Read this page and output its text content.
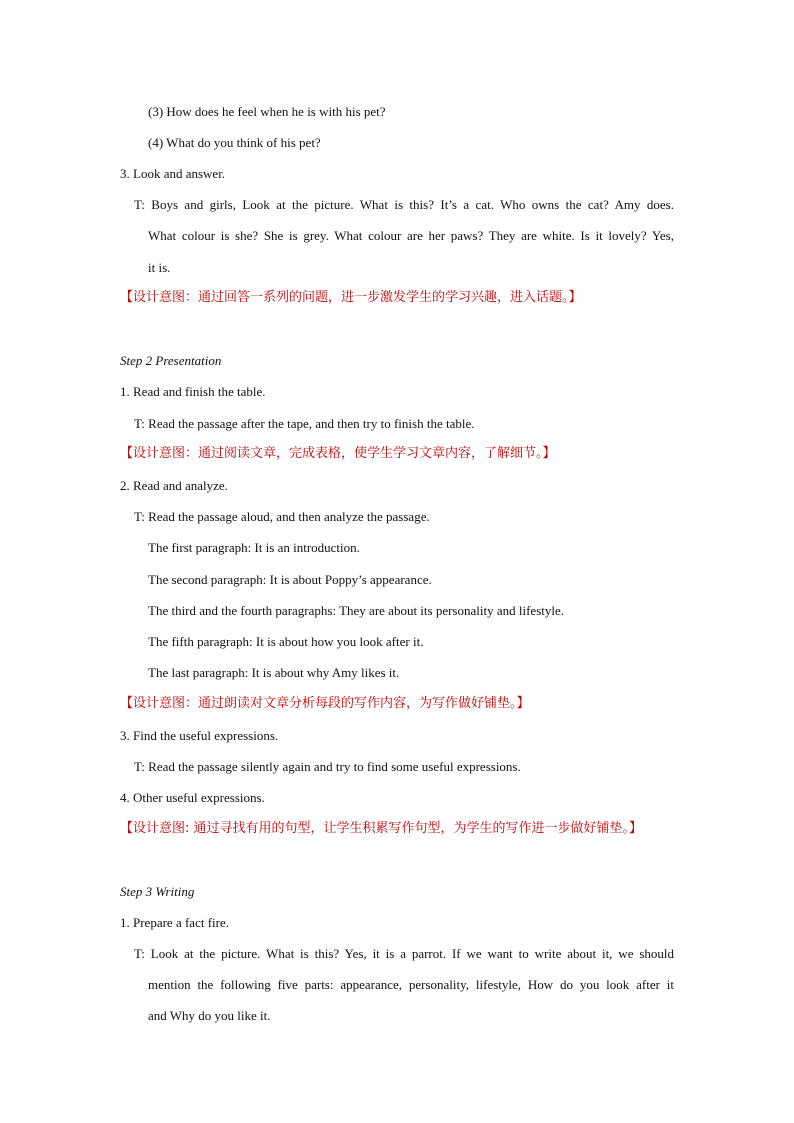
(3) How does he feel when he is with his pet?
(4) What do you think of his pet?
3. Look and answer.
T: Boys and girls, Look at the picture. What is this? It’s a cat. Who owns the cat? Amy does.
What colour is she? She is grey. What colour are her paws? They are white. Is it lovely? Yes,
it is.
【设计意图：通过回答一系列的问题，进一步激发学生的学习兴趣，进入话题。】
Step 2 Presentation
1. Read and finish the table.
T: Read the passage after the tape, and then try to finish the table.
【设计意图：通过阅读文章，完成表格，使学生学习文章内容，了解细节。】
2. Read and analyze.
T: Read the passage aloud, and then analyze the passage.
The first paragraph: It is an introduction.
The second paragraph: It is about Poppy’s appearance.
The third and the fourth paragraphs: They are about its personality and lifestyle.
The fifth paragraph: It is about how you look after it.
The last paragraph: It is about why Amy likes it.
【设计意图：通过朗读对文章分析每段的写作内容，为写作做好铺垫。】
3. Find the useful expressions.
T: Read the passage silently again and try to find some useful expressions.
4. Other useful expressions.
【设计意图: 通过寻找有用的句型，让学生积累写作句型，为学生的写作进一步做好铺垫。】
Step 3 Writing
1. Prepare a fact fire.
T: Look at the picture. What is this? Yes, it is a parrot. If we want to write about it, we should
mention the following five parts: appearance, personality, lifestyle, How do you look after it
and Why do you like it.
